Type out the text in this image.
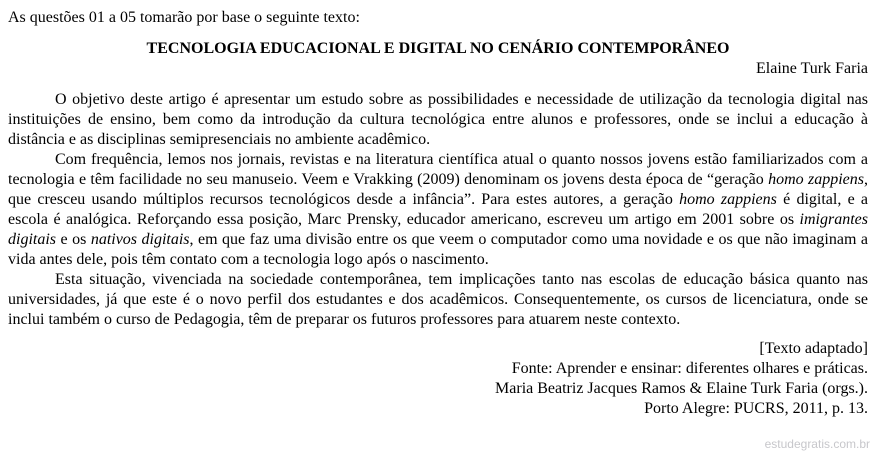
As questões 01 a 05 tomarão por base o seguinte texto:

TECNOLOGIA EDUCACIONAL E DIGITAL NO CENÁRIO CONTEMPORÂNEO

Elaine Turk Faria

O objetivo deste artigo é apresentar um estudo sobre as possibilidades e necessidade de utilização da tecnologia digital nas instituições de ensino, bem como da introdução da cultura tecnológica entre alunos e professores, onde se inclui a educação à distância e as disciplinas semipresenciais no ambiente acadêmico.

Com frequência, lemos nos jornais, revistas e na literatura científica atual o quanto nossos jovens estão familiarizados com a tecnologia e têm facilidade no seu manuseio. Veem e Vrakking (2009) denominam os jovens desta época de “geração homo zappiens, que cresceu usando múltiplos recursos tecnológicos desde a infância”. Para estes autores, a geração homo zappiens é digital, e a escola é analógica. Reforçando essa posição, Marc Prensky, educador americano, escreveu um artigo em 2001 sobre os imigrantes digitais e os nativos digitais, em que faz uma divisão entre os que veem o computador como uma novidade e os que não imaginam a vida antes dele, pois têm contato com a tecnologia logo após o nascimento.

Esta situação, vivenciada na sociedade contemporânea, tem implicações tanto nas escolas de educação básica quanto nas universidades, já que este é o novo perfil dos estudantes e dos acadêmicos. Consequentemente, os cursos de licenciatura, onde se inclui também o curso de Pedagogia, têm de preparar os futuros professores para atuarem neste contexto.

[Texto adaptado]
Fonte: Aprender e ensinar: diferentes olhares e práticas.
Maria Beatriz Jacques Ramos & Elaine Turk Faria (orgs.).
Porto Alegre: PUCRS, 2011, p. 13.
estudegratis.com.br
